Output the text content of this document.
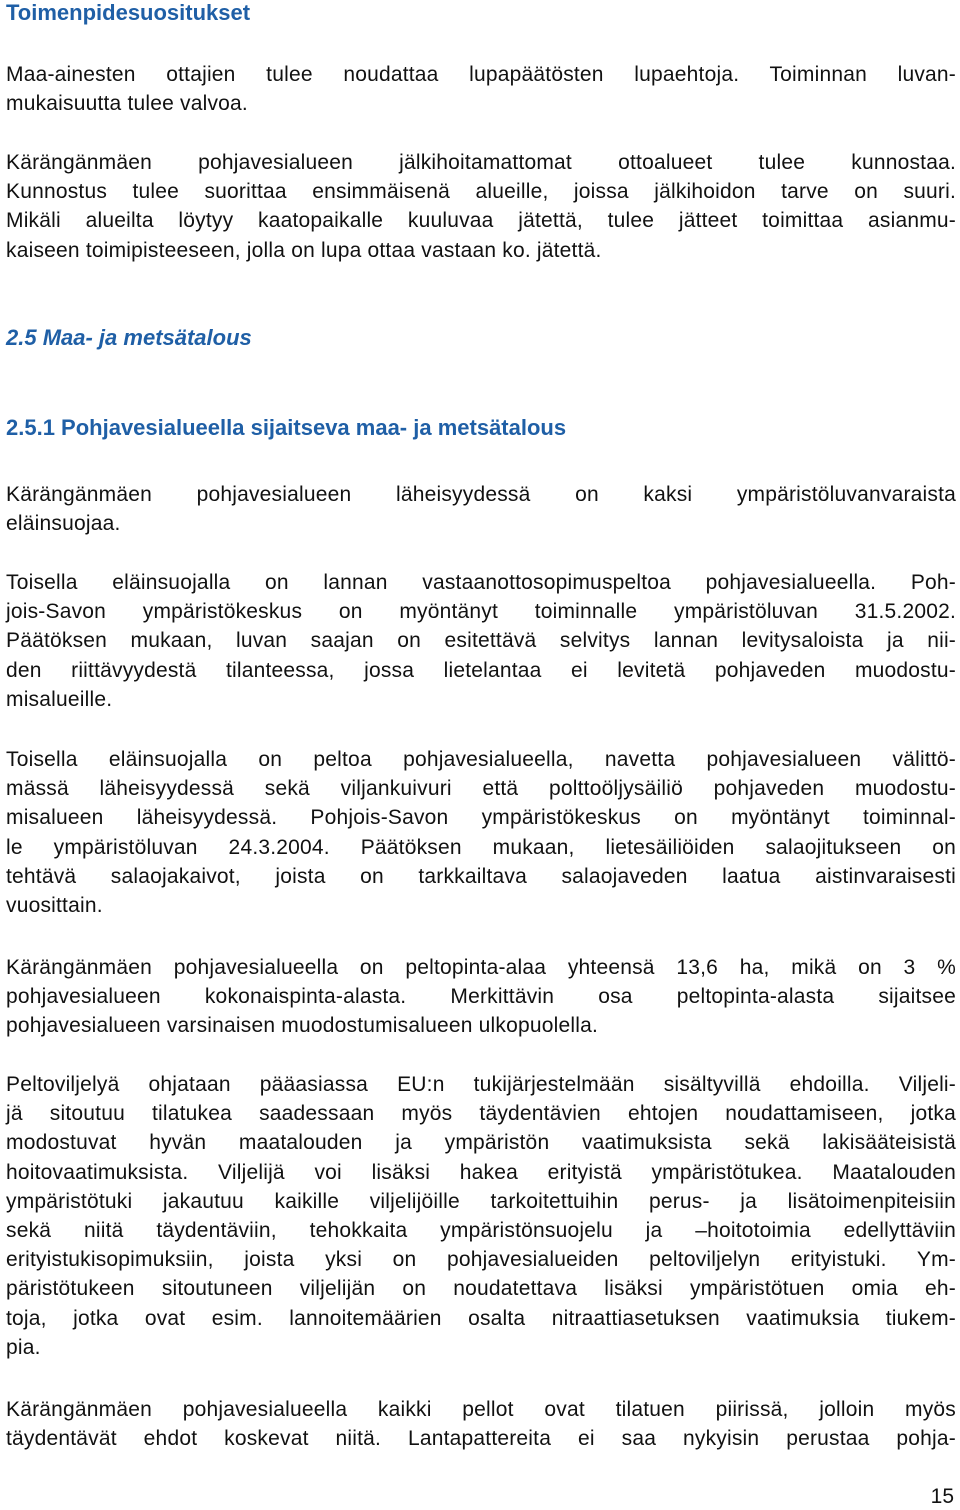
Toimenpidesuositukset

Maa-ainesten ottajien tulee noudattaa lupapäätösten lupaehtoja. Toiminnan luvan-
mukaisuutta tulee valvoa.

Kärängänmäen pohjavesialueen jälkihoitamattomat ottoalueet tulee kunnostaa.
Kunnostus tulee suorittaa ensimmäisenä alueille, joissa jälkihoidon tarve on suuri.
Mikäli alueilta löytyy kaatopaikalle kuuluvaa jätettä, tulee jätteet toimittaa asianmu-
kaiseen toimipisteeseen, jolla on lupa ottaa vastaan ko. jätettä.

2.5 Maa- ja metsätalous
2.5.1 Pohjavesialueella sijaitseva maa- ja metsätalous

Kärängänmäen pohjavesialueen läheisyydessä on kaksi ympäristöluvanvaraista
eläinsuojaa.

Toisella eläinsuojalla on lannan vastaanottosopimuspeltoa pohjavesialueella. Poh-
jois-Savon ympäristökeskus on myöntänyt toiminnalle ympäristöluvan 31.5.2002.
Päätöksen mukaan, luvan saajan on esitettävä selvitys lannan levitysaloista ja nii-
den riittävyydestä tilanteessa, jossa lietelantaa ei levitetä pohjaveden muodostu-
misalueille.

Toisella eläinsuojalla on peltoa pohjavesialueella, navetta pohjavesialueen välittö-
mässä läheisyydessä sekä viljankuivuri että polttoöljysäiliö pohjaveden muodostu-
misalueen läheisyydessä. Pohjois-Savon ympäristökeskus on myöntänyt toiminnal-
le ympäristöluvan 24.3.2004. Päätöksen mukaan, lietesäiliöiden salaojitukseen on
tehtävä salaojakaivot, joista on tarkkailtava salaojaveden laatua aistinvaraisesti
vuosittain.

Kärängänmäen pohjavesialueella on peltopinta-alaa yhteensä 13,6 ha, mikä on 3 %
pohjavesialueen kokonaispinta-alasta. Merkittävin osa peltopinta-alasta sijaitsee
pohjavesialueen varsinaisen muodostumisalueen ulkopuolella.

Peltoviljelyä ohjataan pääasiassa EU:n tukijärjestelmään sisältyvillä ehdoilla. Viljeli-
jä sitoutuu tilatukea saadessaan myös täydentävien ehtojen noudattamiseen, jotka
modostuvat hyvän maatalouden ja ympäristön vaatimuksista sekä lakisääteisistä
hoitovaatimuksista. Viljelijä voi lisäksi hakea erityistä ympäristötukea. Maatalouden
ympäristötuki jakautuu kaikille viljelijöille tarkoitettuihin perus- ja lisätoimenpiteisiin
sekä niitä täydentäviin, tehokkaita ympäristönsuojelu ja –hoitotoimia edellyttäviin
erityistukisopimuksiin, joista yksi on pohjavesialueiden peltoviljelyn erityistuki. Ym-
päristötukeen sitoutuneen viljelijän on noudatettava lisäksi ympäristötuen omia eh-
toja, jotka ovat esim. lannoitemäärien osalta nitraattiasetuksen vaatimuksia tiukem-
pia.

Kärängänmäen pohjavesialueella kaikki pellot ovat tilatuen piirissä, jolloin myös
täydentävät ehdot koskevat niitä. Lantapattereita ei saa nykyisin perustaa pohja-

15
